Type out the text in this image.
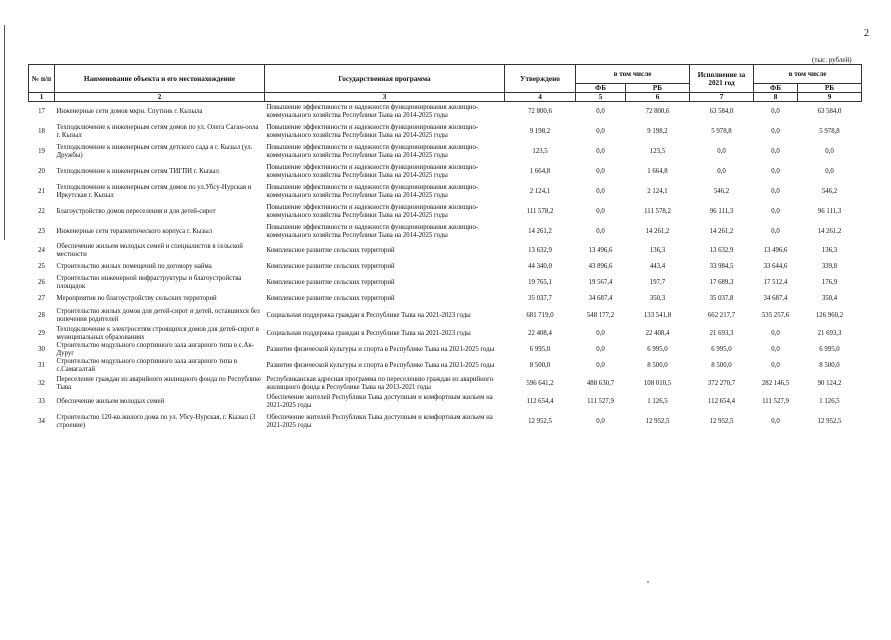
2
(тыс. рублей)
№ п/п	Наименование объекта и его местонахождение	Государственная программа	Утверждено	в том числе		Исполнение за 2021 год	в том числе	
				ФБ	РБ		ФБ	РБ
1	2	3	4	5	6	7	8	9
17	Инженерные сети домов мкрн. Спутник г. Кызыла	Повышение эффективности и надежности функционирования жилищно-коммунального хозяйства Республики Тыва на 2014-2025 годы	72 800,6	0,0	72 800,6	63 584,0	0,0	63 584,0
18	Техподключение к инженерным сетям домов по ул. Олега Саган-оола г. Кызыл	Повышение эффективности и надежности функционирования жилищно-коммунального хозяйства Республики Тыва на 2014-2025 годы	9 198,2	0,0	9 198,2	5 978,8	0,0	5 978,8
19	Техподключение к инженерным сетям детского сада в г. Кызыл (ул. Дружбы)	Повышение эффективности и надежности функционирования жилищно-коммунального хозяйства Республики Тыва на 2014-2025 годы	123,5	0,0	123,5	0,0	0,0	0,0
20	Техподключение к инженерным сетям ТИГПИ г. Кызыл	Повышение эффективности и надежности функционирования жилищно-коммунального хозяйства Республики Тыва на 2014-2025 годы	1 664,8	0,0	1 664,8	0,0	0,0	0,0
21	Техподключение к инженерным сетям домов по ул.Убсу-Нурская и Иркутская г. Кызыл	Повышение эффективности и надежности функционирования жилищно-коммунального хозяйства Республики Тыва на 2014-2025 годы	2 124,1	0,0	2 124,1	546,2	0,0	546,2
22	Благоустройство домов переселения и для детей-сирот	Повышение эффективности и надежности функционирования жилищно-коммунального хозяйства Республики Тыва на 2014-2025 годы	111 578,2	0,0	111 578,2	96 111,3	0,0	96 111,3
23	Инженерные сети терапевтического корпуса г. Кызыл	Повышение эффективности и надежности функционирования жилищно-коммунального хозяйства Республики Тыва на 2014-2025 годы	14 261,2	0,0	14 261,2	14 261,2	0,0	14 261,2
24	Обеспечение жильем молодых семей и специалистов в сельской местности	Комплексное развитие сельских территорий	13 632,9	13 496,6	136,3	13 632,9	13 496,6	136,3
25	Строительство жилых помещений по договору найма	Комплексное развитие сельских территорий	44 340,0	43 896,6	443,4	33 984,5	33 644,6	339,8
26	Строительство инженерной инфраструктуры и благоустройства площадок	Комплексное развитие сельских территорий	19 765,1	19 567,4	197,7	17 689,3	17 512,4	176,9
27	Мероприятия по благоустройству сельских территорий	Комплексное развитие сельских территорий	35 037,7	34 687,4	350,3	35 037,8	34 687,4	350,4
28	Строительство жилых домов для детей-сирот и детей, оставшихся без попечения родителей	Социальная поддержка граждан в Республике Тыва на 2021-2023 годы	681 719,0	548 177,2	133 541,8	662 217,7	535 257,6	126 960,2
29	Техподключение к электросетям строящихся домов для детей-сирот в муниципальных образованиях	Социальная поддержка граждан в Республике Тыва на 2021-2023 годы	22 408,4	0,0	22 408,4	21 693,3	0,0	21 693,3
30	Строительство модульного спортивного зала ангарного типа в с.Ак-Дуруг	Развитие физической культуры и спорта в Республике Тыва на 2021-2025 годы	6 995,0	0,0	6 995,0	6 995,0	0,0	6 995,0
31	Строительство модульного спортивного зала ангарного типа в с.Самагалтай	Развитие физической культуры и спорта в Республике Тыва на 2021-2025 годы	8 500,0	0,0	8 500,0	8 500,0	0,0	8 500,0
32	Переселение граждан из аварийного жилищного фонда по Республике Тыва	Республиканская адресная программа по переселению граждан из аварийного жилищного фонда в Республике Тыва на 2013-2021 годы	596 641,2	488 630,7	108 010,5	372 270,7	282 146,5	90 124,2
33	Обеспечение жильем молодых семей	Обеспечение жителей Республики Тыва доступным и комфортным жильем на 2021-2025 годы	112 654,4	111 527,9	1 126,5	112 654,4	111 527,9	1 126,5
34	Строительство 120-кв.жилого дома по ул. Убсу-Нурская, г. Кызыл (3 строение)	Обеспечение жителей Республики Тыва доступным и комфортным жильем на 2021-2025 годы	12 952,5	0,0	12 952,5	12 952,5	0,0	12 952,5
